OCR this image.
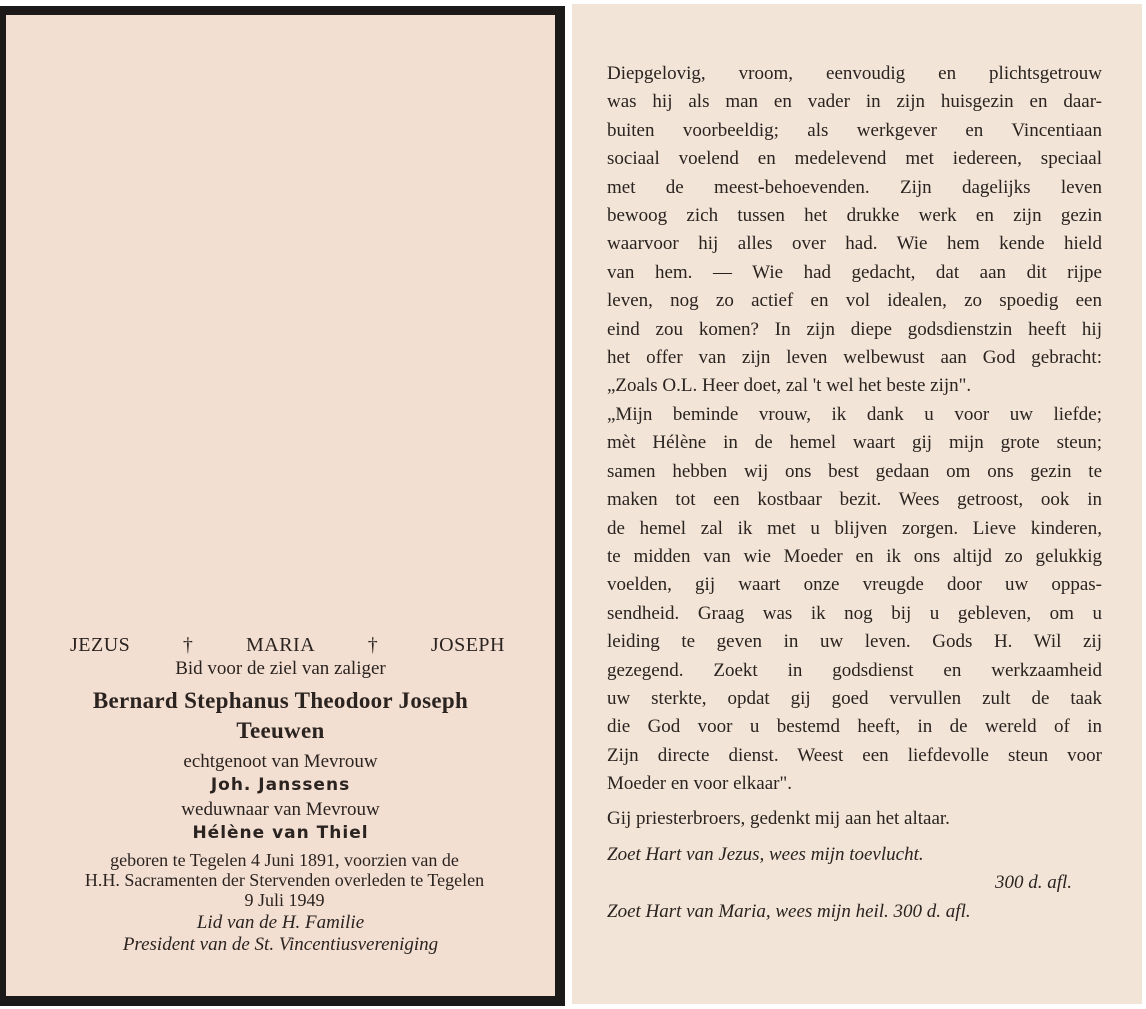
JEZUS	†	MARIA	†	JOSEPH
Bid voor de ziel van zaliger
Bernard Stephanus Theodoor Joseph
Teeuwen
echtgenoot van Mevrouw
Joh. Janssens
weduwnaar van Mevrouw
Hélène van Thiel
geboren te Tegelen 4 Juni 1891, voorzien van de
H.H. Sacramenten der Stervenden overleden te Tegelen
9 Juli 1949
Lid van de H. Familie
President van de St. Vincentiusvereniging
Diepgelovig, vroom, eenvoudig en plichtsgetrouw
was hij als man en vader in zijn huisgezin en daar-
buiten voorbeeldig; als werkgever en Vincentiaan
sociaal voelend en medelevend met iedereen, speciaal
met de meest-behoevenden. Zijn dagelijks leven
bewoog zich tussen het drukke werk en zijn gezin
waarvoor hij alles over had. Wie hem kende hield
van hem. — Wie had gedacht, dat aan dit rijpe
leven, nog zo actief en vol idealen, zo spoedig een
eind zou komen? In zijn diepe godsdienstzin heeft hij
het offer van zijn leven welbewust aan God gebracht:
„Zoals O.L. Heer doet, zal 't wel het beste zijn".
„Mijn beminde vrouw, ik dank u voor uw liefde;
mèt Hélène in de hemel waart gij mijn grote steun;
samen hebben wij ons best gedaan om ons gezin te
maken tot een kostbaar bezit. Wees getroost, ook in
de hemel zal ik met u blijven zorgen. Lieve kinderen,
te midden van wie Moeder en ik ons altijd zo gelukkig
voelden, gij waart onze vreugde door uw oppas-
sendheid. Graag was ik nog bij u gebleven, om u
leiding te geven in uw leven. Gods H. Wil zij
gezegend. Zoekt in godsdienst en werkzaamheid
uw sterkte, opdat gij goed vervullen zult de taak
die God voor u bestemd heeft, in de wereld of in
Zijn directe dienst. Weest een liefdevolle steun voor
Moeder en voor elkaar".
Gij priesterbroers, gedenkt mij aan het altaar.
Zoet Hart van Jezus, wees mijn toevlucht.
300 d. afl.
Zoet Hart van Maria, wees mijn heil. 300 d. afl.
